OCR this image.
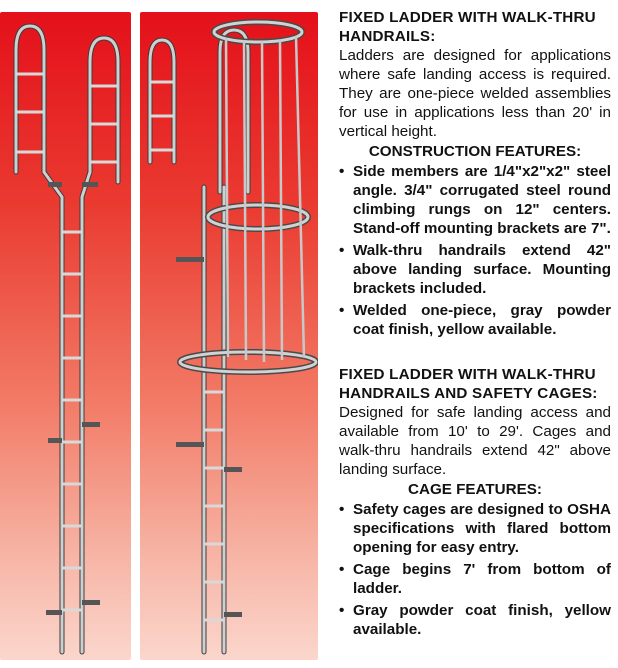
FIXED LADDER WITH WALK-THRU HANDRAILS:

Ladders are designed for applications where safe landing access is required. They are one-piece welded assemblies for use in applications less than 20' in vertical height.

CONSTRUCTION FEATURES:
• Side members are 1/4"x2"x2" steel angle. 3/4" corrugated steel round climbing rungs on 12" centers. Stand-off mounting brackets are 7".
• Walk-thru handrails extend 42" above landing surface. Mounting brackets included.
• Welded one-piece, gray powder coat finish, yellow available.
FIXED LADDER WITH WALK-THRU HANDRAILS AND SAFETY CAGES:

Designed for safe landing access and available from 10' to 29'. Cages and walk-thru handrails extend 42" above landing surface.

CAGE FEATURES:
• Safety cages are designed to OSHA specifications with flared bottom opening for easy entry.
• Cage begins 7' from bottom of ladder.
• Gray powder coat finish, yellow available.
